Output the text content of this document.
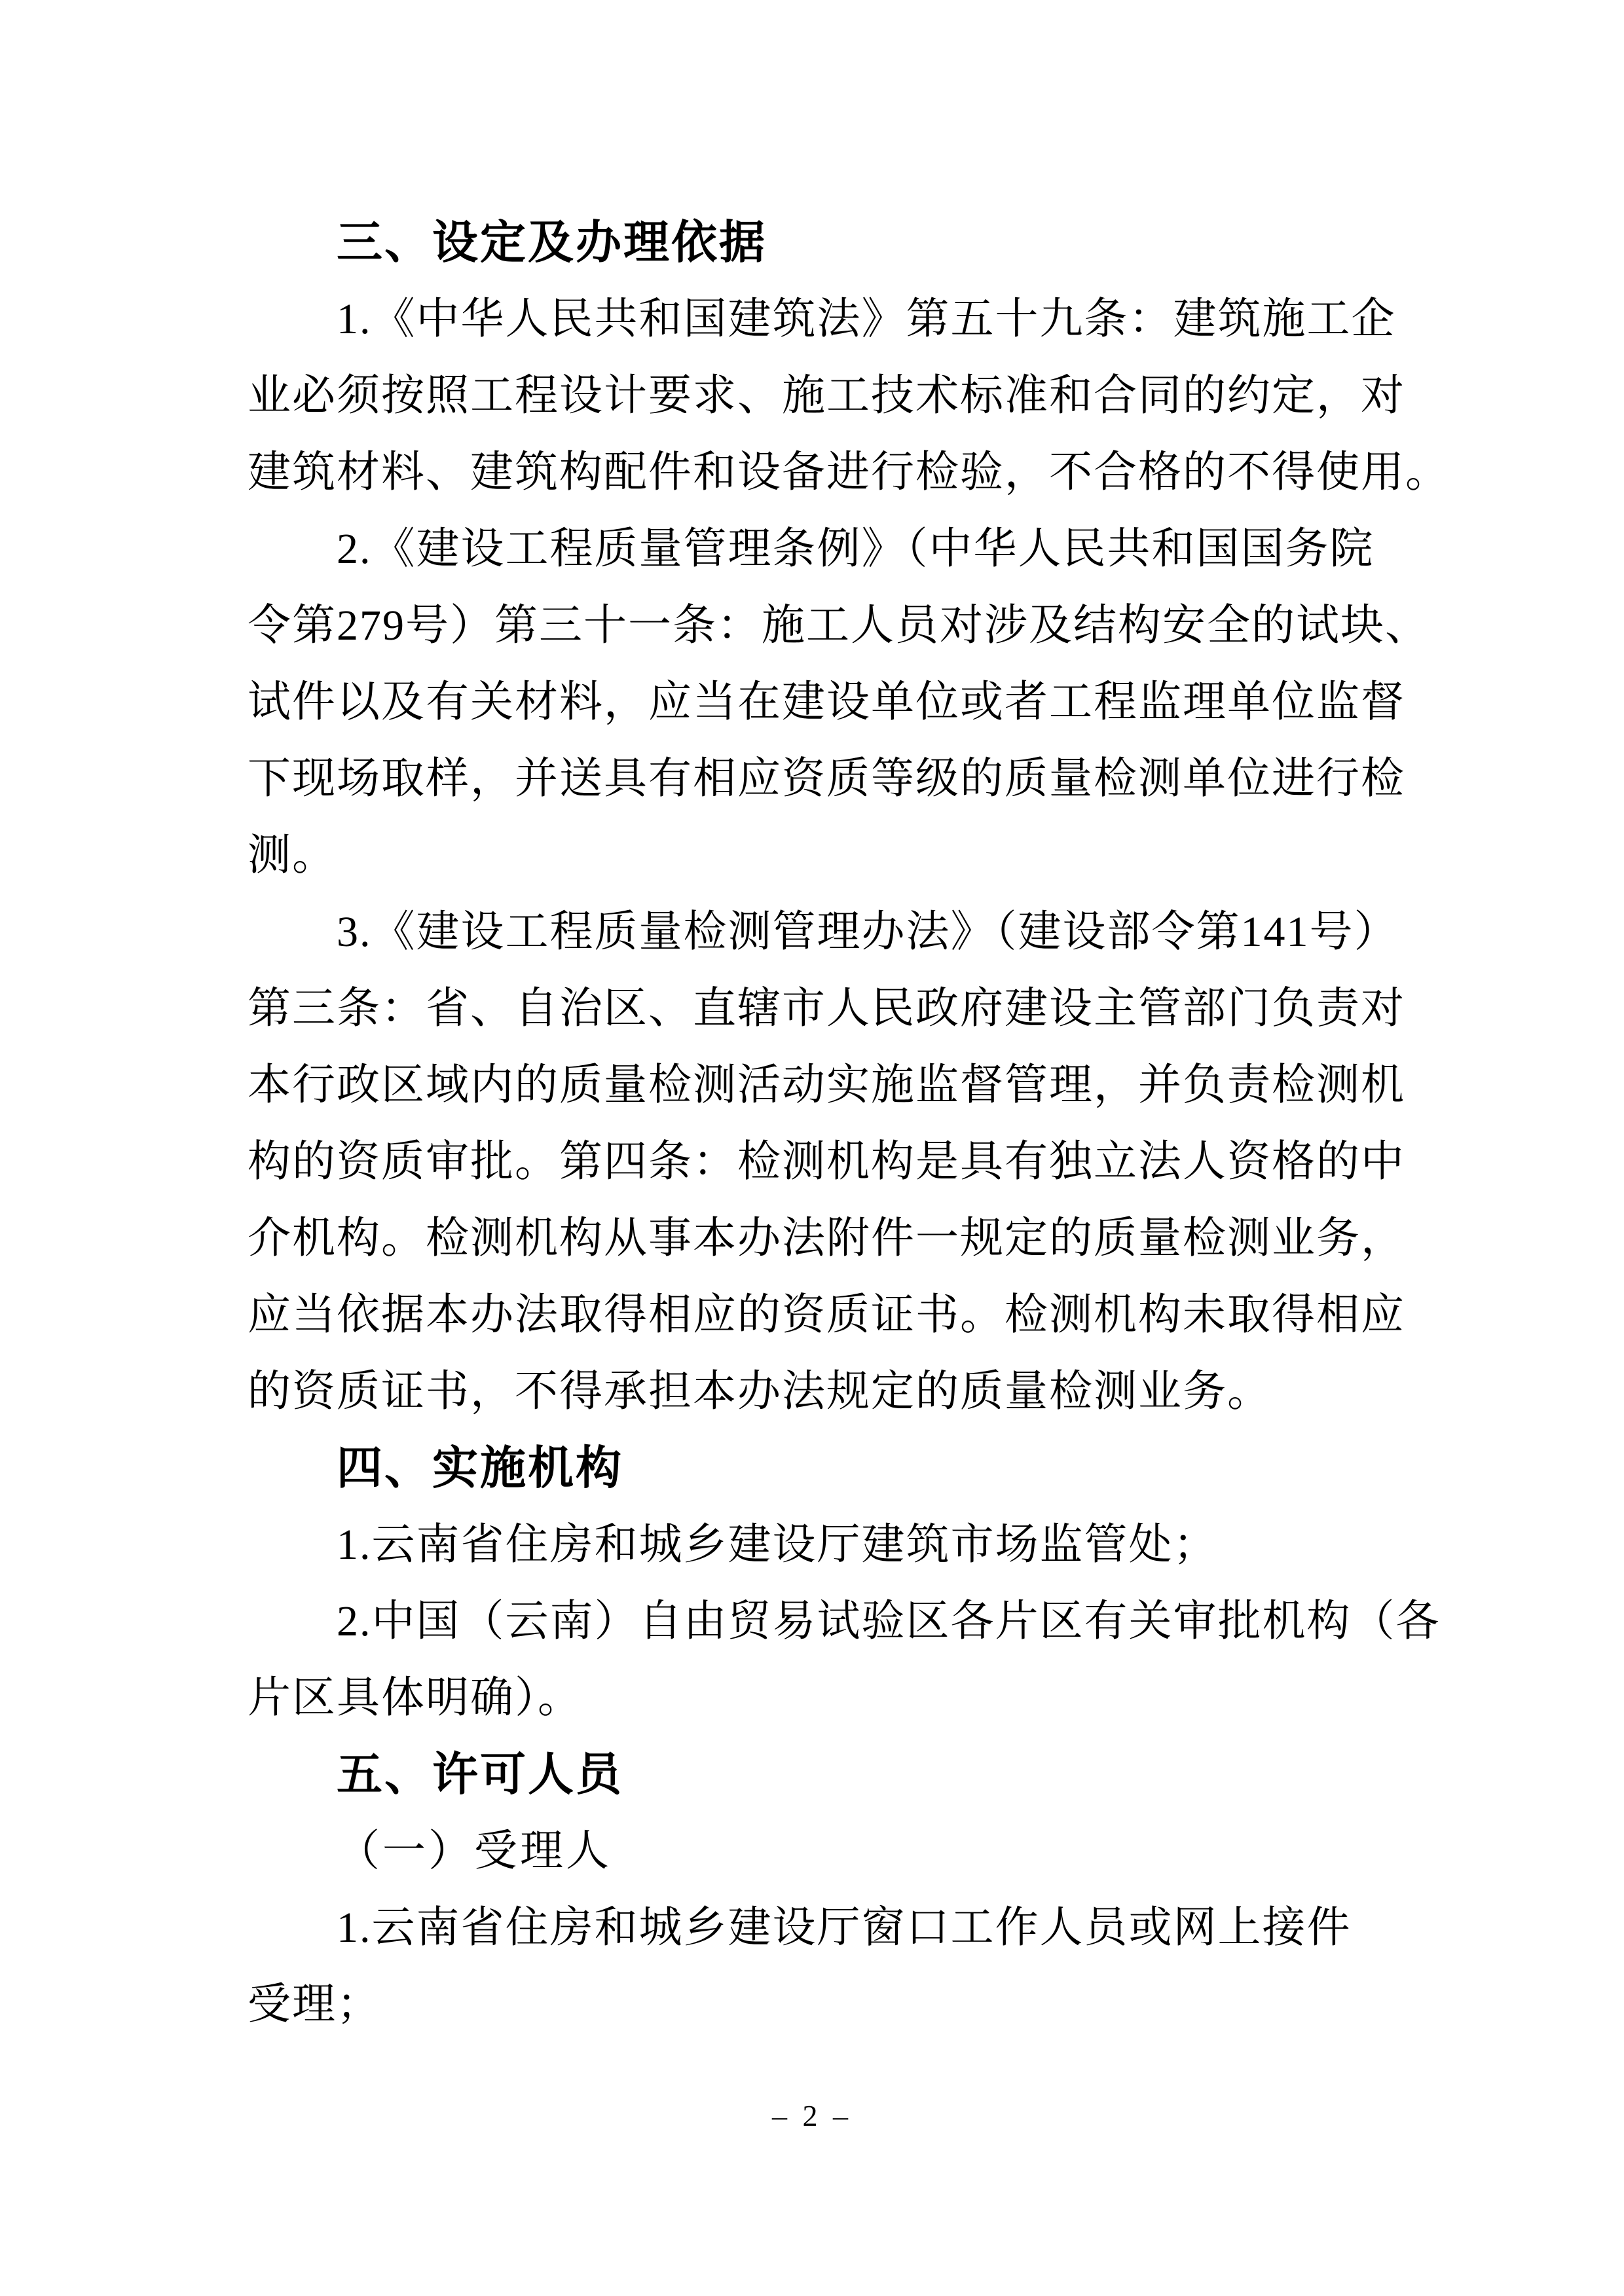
三、设定及办理依据
1.《中华人民共和国建筑法》第五十九条：建筑施工企
业必须按照工程设计要求、施工技术标准和合同的约定，对
建筑材料、建筑构配件和设备进行检验，不合格的不得使用。
2.《建设工程质量管理条例》（中华人民共和国国务院
令第279号）第三十一条：施工人员对涉及结构安全的试块、
试件以及有关材料，应当在建设单位或者工程监理单位监督
下现场取样，并送具有相应资质等级的质量检测单位进行检
测。
3.《建设工程质量检测管理办法》（建设部令第141号）
第三条：省、自治区、直辖市人民政府建设主管部门负责对
本行政区域内的质量检测活动实施监督管理，并负责检测机
构的资质审批。第四条：检测机构是具有独立法人资格的中
介机构。检测机构从事本办法附件一规定的质量检测业务，
应当依据本办法取得相应的资质证书。检测机构未取得相应
的资质证书，不得承担本办法规定的质量检测业务。
四、实施机构
1.云南省住房和城乡建设厅建筑市场监管处；
2.中国（云南）自由贸易试验区各片区有关审批机构（各
片区具体明确）。
五、许可人员
（一）受理人
1.云南省住房和城乡建设厅窗口工作人员或网上接件
受理；
– 2 –
